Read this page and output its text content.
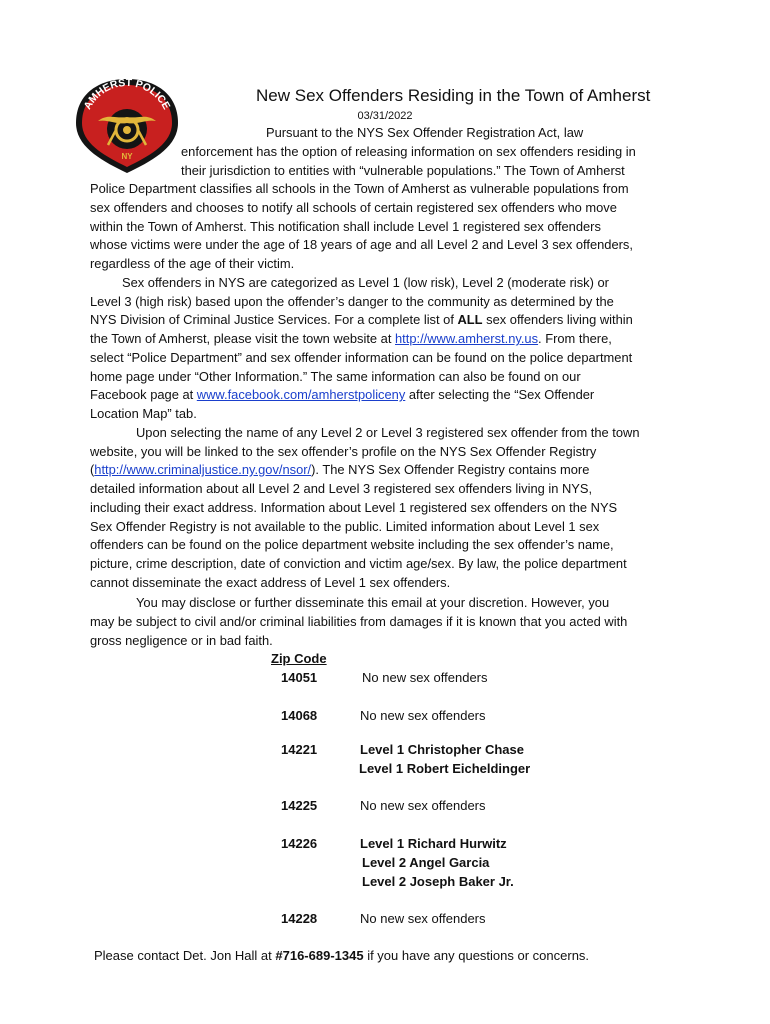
AMHERST POLICE
NY
New Sex Offenders Residing in the Town of Amherst
03/31/2022
Pursuant to the NYS Sex Offender Registration Act, law
enforcement has the option of releasing information on sex offenders residing in
their jurisdiction to entities with “vulnerable populations.” The Town of Amherst
Police Department classifies all schools in the Town of Amherst as vulnerable populations from
sex offenders and chooses to notify all schools of certain registered sex offenders who move
within the Town of Amherst. This notification shall include Level 1 registered sex offenders
whose victims were under the age of 18 years of age and all Level 2 and Level 3 sex offenders,
regardless of the age of their victim.
Sex offenders in NYS are categorized as Level 1 (low risk), Level 2 (moderate risk) or
Level 3 (high risk) based upon the offender’s danger to the community as determined by the
NYS Division of Criminal Justice Services. For a complete list of ALL sex offenders living within
the Town of Amherst, please visit the town website at http://www.amherst.ny.us. From there,
select “Police Department” and sex offender information can be found on the police department
home page under “Other Information.” The same information can also be found on our
Facebook page at www.facebook.com/amherstpoliceny after selecting the “Sex Offender
Location Map” tab.
Upon selecting the name of any Level 2 or Level 3 registered sex offender from the town
website, you will be linked to the sex offender’s profile on the NYS Sex Offender Registry
(http://www.criminaljustice.ny.gov/nsor/). The NYS Sex Offender Registry contains more
detailed information about all Level 2 and Level 3 registered sex offenders living in NYS,
including their exact address. Information about Level 1 registered sex offenders on the NYS
Sex Offender Registry is not available to the public. Limited information about Level 1 sex
offenders can be found on the police department website including the sex offender’s name,
picture, crime description, date of conviction and victim age/sex. By law, the police department
cannot disseminate the exact address of Level 1 sex offenders.
You may disclose or further disseminate this email at your discretion. However, you
may be subject to civil and/or criminal liabilities from damages if it is known that you acted with
gross negligence or in bad faith.
Zip Code
14051	No new sex offenders
14068	No new sex offenders
14221	Level 1 Christopher Chase
Level 1 Robert Eicheldinger
14225	No new sex offenders
14226	Level 1 Richard Hurwitz
Level 2 Angel Garcia
Level 2 Joseph Baker Jr.
14228	No new sex offenders
Please contact Det. Jon Hall at #716-689-1345 if you have any questions or concerns.
